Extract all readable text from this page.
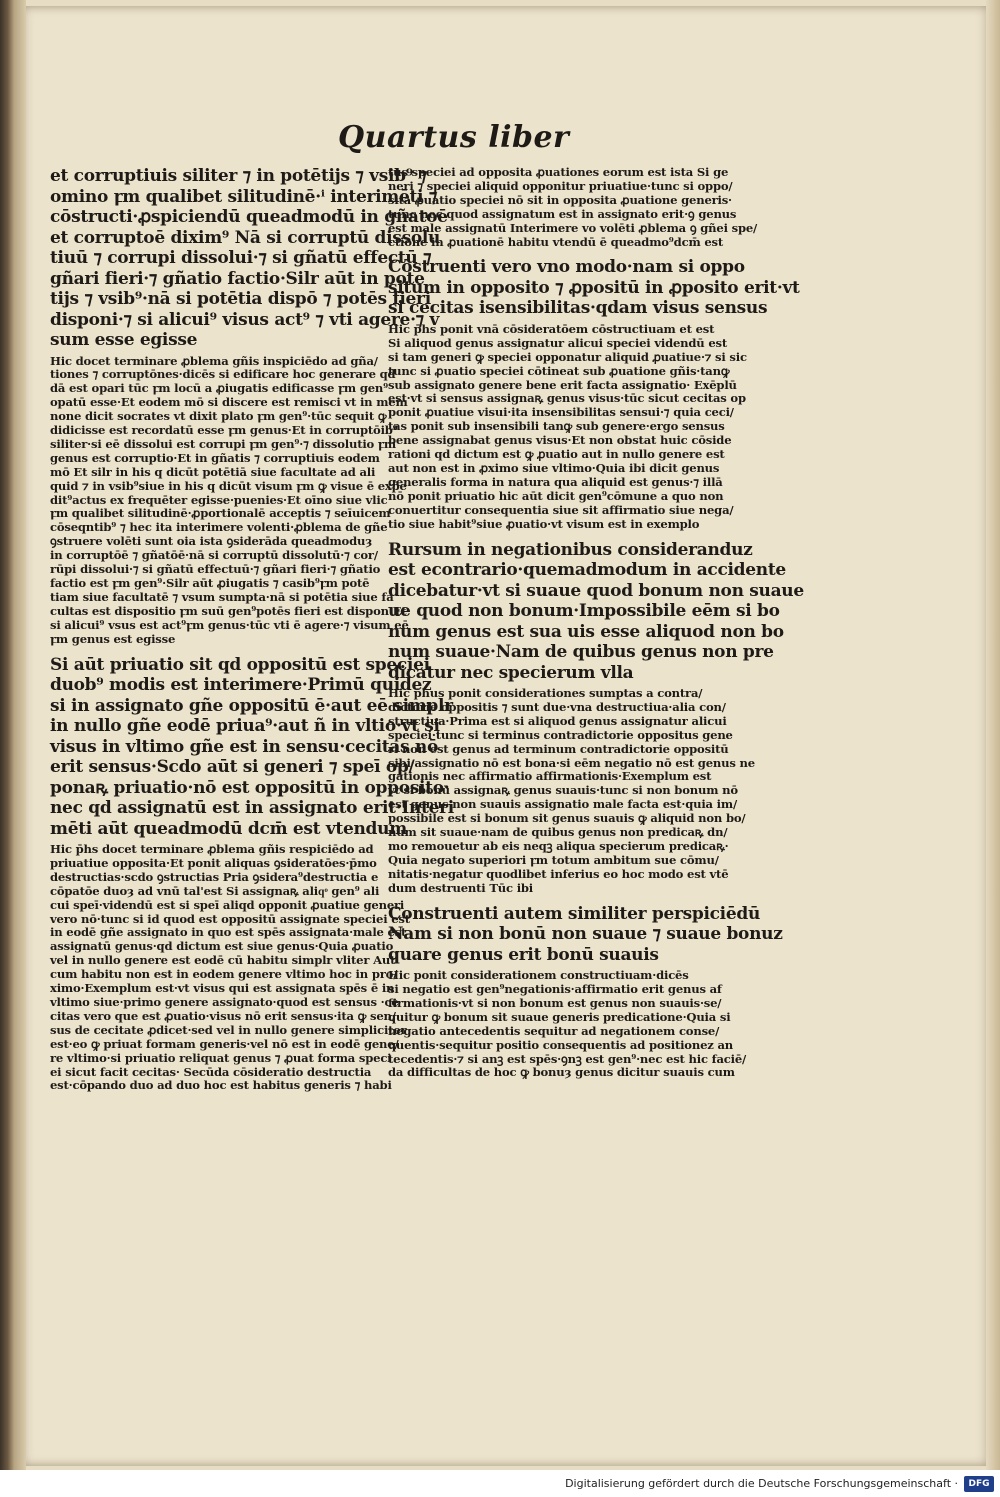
Quartus liber

et corruptiuis siliter ⁊ in potētijs ⁊ vsib⁹ ⁊

omino ꝼm qualibet silitudinē·ⁱ interimēti ⁊

cōstructi·ꝓspiciendū queadmodū in gñatoē

et corruptoē dixim⁹ Nā si corruptū dissolu

tiuū ⁊ corrupi dissolui·⁊ si gñatū effectū ⁊

gñari fieri·⁊ gñatio factio·Silr aūt in pote

tijs ⁊ vsib⁹·nā si potētia dispō ⁊ potēs fieri

disponi·⁊ si alicui⁹ visus act⁹ ⁊ vti agere·⁊ v

sum esse egisse

Hic docet terminare ꝓblema gñis inspiciēdo ad gña/

tiones ⁊ corruptōnes·dicēs si edificare hoc generare qd

dā est opari tūc ꝼm locū a ꝓiugatis edificasse ꝼm gen⁹

opatū esse·Et eodem mō si discere est remisci vt in mem

none dicit socrates vt dixit plato ꝼm gen⁹·tūc sequit ꝙ

didicisse est recordatū esse ꝼm genus·Et in corruptōib⁹

siliter·si eē dissolui est corrupi ꝼm gen⁹·⁊ dissolutio ꝼm

genus est corruptio·Et in gñatis ⁊ corruptiuis eodem

mō Et silr in his q dicūt potētiā siue facultate ad ali

quid ⁊ in vsib⁹siue in his q dicūt visum ꝼm ꝙ visue ē exp̄e

dit⁹actus ex frequēter egisse·puenies·Et oīno siue vlic

ꝼm qualibet silitudinē·ꝓportionalē acceptis ⁊ seīuicem

cōseqntib⁹ ⁊ hec ita interimere volenti·ꝓblema de gñe

ꝯstruere volēti sunt oia ista ꝯsiderāda queadmoduȝ

in corruptōē ⁊ gñatōē·nā si corruptū dissolutū·⁊ cor/

rūpi dissolui·⁊ si gñatū effectuū·⁊ gñari fieri·⁊ gñatio

factio est ꝼm gen⁹·Silr aūt ꝓiugatis ⁊ casib⁹ꝼm potē

tiam siue facultatē ⁊ vsum sumpta·nā si potētia siue fa

cultas est dispositio ꝼm suū gen⁹potēs fieri est dispon·Et

si alicui⁹ vsus est act⁹ꝼm genus·tūc vti ē agere·⁊ visum eē

ꝼm genus est egisse

Si aūt priuatio sit qd oppositū est speciei

duob⁹ modis est interimere·Primū quidez

si in assignato gñe oppositū ē·aut eē simplr

in nullo gñe eodē priua⁹·aut ñ in vltio·vt si

visus in vltimo gñe est in sensu·cecitas nō

erit sensus·Scdo aūt si generi ⁊ speī op/

ponaꝶ priuatio·nō est oppositū in opposito·

nec qd assignatū est in assignato erit·Interi

mēti aūt queadmodū dcm̄ est vtendum

Hic p̄hs docet terminare ꝓblema gñis respiciēdo ad

priuatiue opposita·Et ponit aliquas ꝯsideratōes·p̄mo

destructias·scdo ꝯstructias Pria ꝯsidera⁹destructia e

cōpatōe duoȝ ad vnū tal'est Si assignaꝶ aliqͦ gen⁹ ali

cui speī·videndū est si speī aliqd opponit ꝓuatiue generi

vero nō·tunc si id quod est oppositū assignate speciei est

in eodē gñe assignato in quo est spēs assignata·male est

assignatū genus·qd dictum est siue genus·Quia ꝓuatio

vel in nullo genere est eodē cū habitu simplr vliter Aut

cum habitu non est in eodem genere vltimo hoc in pro/

ximo·Exemplum est·vt visus qui est assignata spēs ē in

vltimo siue·primo genere assignato·quod est sensus ·ce

citas vero que est ꝓuatio·visus nō erit sensus·ita ꝙ sen/

sus de cecitate ꝓdicet·sed vel in nullo genere simpliciter

est·eo ꝙ priuat formam generis·vel nō est in eodē gene/

re vltimo·si priuatio reliquat genus ⁊ ꝓuat forma speci

ei sicut facit cecitas· Secūda cōsideratio destructia

est·cōpando duo ad duo hoc est habitus generis ⁊ habi

tus speciei ad opposita ꝓuationes eorum est ista Si ge

neri ⁊ speciei aliquid opponitur priuatiue·tunc si oppo/

sita ꝓuatio speciei nō sit in opposita ꝓuatione generis·

tunc nec quod assignatum est in assignato erit·ꝯ genus

est male assignatū Interimere vo volēti ꝓblema ꝯ gñei spe/

ctione in ꝓuationē habitu vtendū ē queadmo⁹dcm̄ est

Cōstruenti vero vno modo·nam si oppo

situm in opposito ⁊ ꝓpositū in ꝓposito erit·vt

si cecitas isensibilitas·qdam visus sensus

Hic p̄hs ponit vnā cōsideratōem cōstructiuam et est

Si aliquod genus assignatur alicui speciei videndū est

si tam generi ꝙ speciei opponatur aliquid ꝓuatiue·⁊ si sic

tunc si ꝓuatio speciei cōtineat sub ꝓuatione gñis·tanꝙ

sub assignato genere bene erit facta assignatio· Exēplū

est·vt si sensus assignaꝶ genus visus·tūc sicut cecitas op

ponit ꝓuatiue visui·ita insensibilitas sensui·⁊ quia ceci/

tas ponit sub insensibili tanꝙ sub genere·ergo sensus

bene assignabat genus visus·Et non obstat huic cōside

rationi qd dictum est ꝙ ꝓuatio aut in nullo genere est

aut non est in ꝓximo siue vltimo·Quia ibi dicit genus

generalis forma in natura qua aliquid est genus·⁊ illā

nō ponit priuatio hic aūt dicit gen⁹cōmune a quo non

conuertitur consequentia siue sit affirmatio siue nega/

tio siue habit⁹siue ꝓuatio·vt visum est in exemplo

Rursum in negationibus consideranduz

est econtrario·quemadmodum in accidente

dicebatur·vt si suaue quod bonum non suaue

ue quod non bonum·Impossibile eēm si bo

num genus est sua uis esse aliquod non bo

num suaue·Nam de quibus genus non pre

dicatur nec specierum vlla

Hic p̄hus ponit considerationes sumptas a contra/

dictorie oppositis ⁊ sunt due·vna destructiua·alia con/

structiua·Prima est si aliquod genus assignatur alicui

speciei·tunc si terminus contradictorie oppositus gene

ri non est genus ad terminum contradictorie oppositū

sibi·assignatio nō est bona·si eēm negatio nō est genus ne

gationis nec affirmatio affirmationis·Exemplum est

vt si bonū assignaꝶ genus suauis·tunc si non bonum nō

est genus non suauis assignatio male facta est·quia im/

possibile est si bonum sit genus suauis ꝙ aliquid non bo/

num sit suaue·nam de quibus genus non predicaꝶ dn/

mo remouetur ab eis neqꝫ aliqua specierum predicaꝶ·

Quia negato superiori ꝼm totum ambitum sue cōmu/

nitatis·negatur quodlibet inferius eo hoc modo est vtē

dum destruenti Tūc ibi

Construenti autem similiter perspiciēdū

Nam si non bonū non suaue ⁊ suaue bonuz

quare genus erit bonū suauis

Hic ponit considerationem constructiuam·dicēs

si negatio est gen⁹negationis·affirmatio erit genus af

firmationis·vt si non bonum est genus non suauis·se/

quitur ꝙ bonum sit suaue generis predicatione·Quia si

negatio antecedentis sequitur ad negationem conse/

quentis·sequitur positio consequentis ad positionez an

tecedentis·⁊ si anꝫ est spēs·ꝯnꝫ est gen⁹·nec est hic faciē/

da difficultas de hoc ꝙ bonuȝ genus dicitur suauis cum

Digitalisierung gefördert durch die Deutsche Forschungsgemeinschaft ·	DFG
